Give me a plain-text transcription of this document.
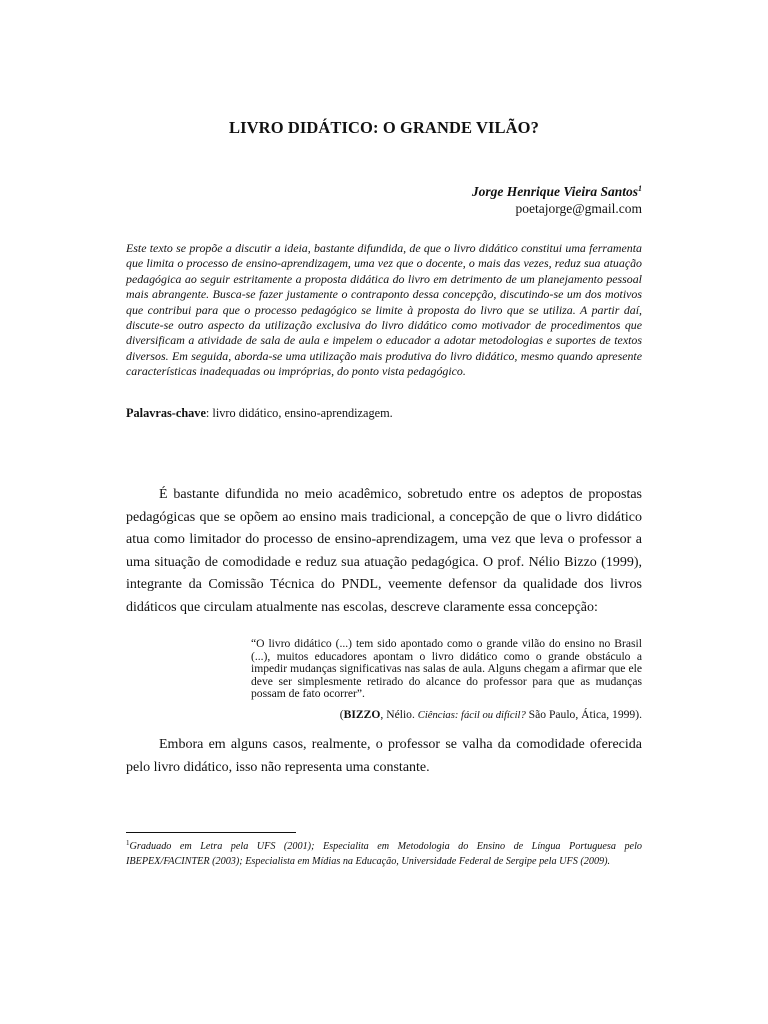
LIVRO DIDÁTICO: O GRANDE VILÃO?
Jorge Henrique Vieira Santos$^1$
poetajorge@gmail.com

Este texto se propõe a discutir a ideia, bastante difundida, de que o livro didático constitui uma ferramenta que limita o processo de ensino-aprendizagem, uma vez que o docente, o mais das vezes, reduz sua atuação pedagógica ao seguir estritamente a proposta didática do livro em detrimento de um planejamento pessoal mais abrangente. Busca-se fazer justamente o contraponto dessa concepção, discutindo-se um dos motivos que contribui para que o processo pedagógico se limite à proposta do livro que se utiliza. A partir daí, discute-se outro aspecto da utilização exclusiva do livro didático como motivador de procedimentos que diversificam a atividade de sala de aula e impelem o educador a adotar metodologias e suportes de textos diversos. Em seguida, aborda-se uma utilização mais produtiva do livro didático, mesmo quando apresente características inadequadas ou impróprias, do ponto vista pedagógico.

Palavras-chave: livro didático, ensino-aprendizagem.

É bastante difundida no meio acadêmico, sobretudo entre os adeptos de propostas pedagógicas que se opõem ao ensino mais tradicional, a concepção de que o livro didático atua como limitador do processo de ensino-aprendizagem, uma vez que leva o professor a uma situação de comodidade e reduz sua atuação pedagógica. O prof. Nélio Bizzo (1999), integrante da Comissão Técnica do PNDL, veemente defensor da qualidade dos livros didáticos que circulam atualmente nas escolas, descreve claramente essa concepção:

“O livro didático (...) tem sido apontado como o grande vilão do ensino no Brasil (...), muitos educadores apontam o livro didático como o grande obstáculo a impedir mudanças significativas nas salas de aula. Alguns chegam a afirmar que ele deve ser simplesmente retirado do alcance do professor para que as mudanças possam de fato ocorrer”.

(BIZZO, Nélio. Ciências: fácil ou difícil? São Paulo, Ática, 1999).

Embora em alguns casos, realmente, o professor se valha da comodidade oferecida pelo livro didático, isso não representa uma constante.

$^1$Graduado em Letra pela UFS (2001); Especialita em Metodologia do Ensino de Língua Portuguesa pelo IBEPEX/FACINTER (2003); Especialista em Mídias na Educação, Universidade Federal de Sergipe pela UFS (2009).
